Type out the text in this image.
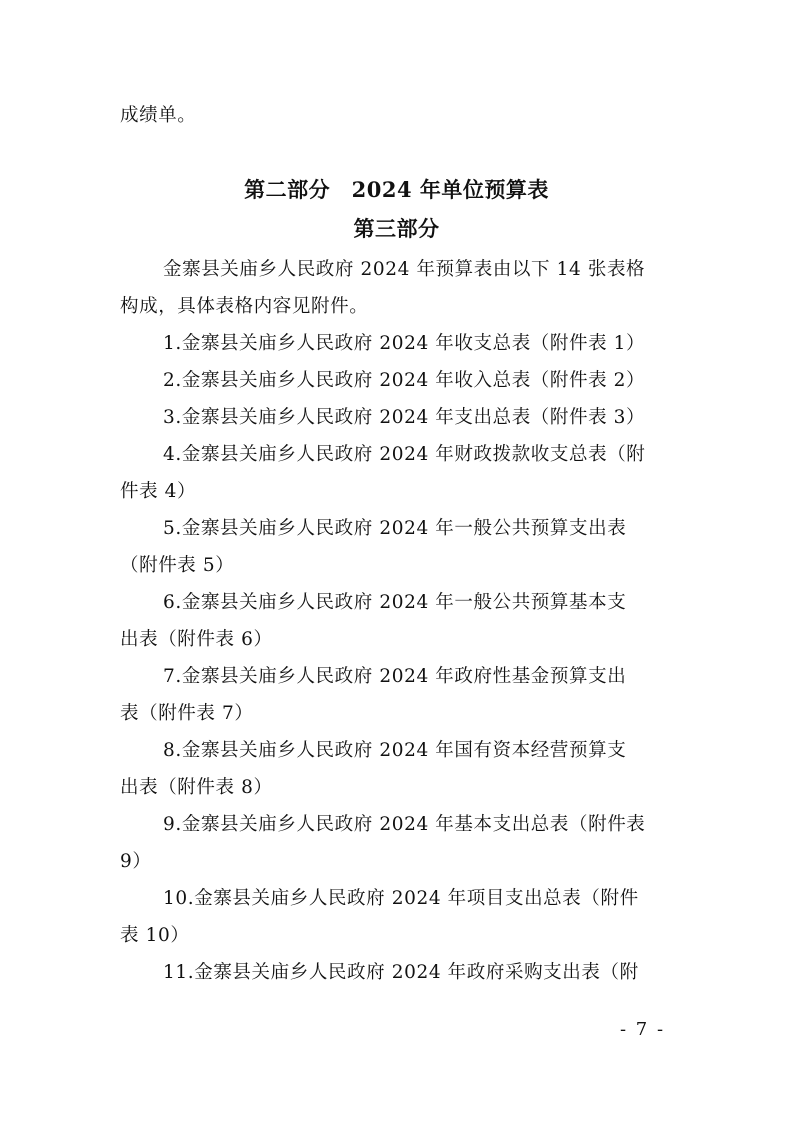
成绩单。
第二部分　2024 年单位预算表
第三部分
金寨县关庙乡人民政府 2024 年预算表由以下 14 张表格
构成，具体表格内容见附件。
1.金寨县关庙乡人民政府 2024 年收支总表（附件表 1）
2.金寨县关庙乡人民政府 2024 年收入总表（附件表 2）
3.金寨县关庙乡人民政府 2024 年支出总表（附件表 3）
4.金寨县关庙乡人民政府 2024 年财政拨款收支总表（附
件表 4）
5.金寨县关庙乡人民政府 2024 年一般公共预算支出表
（附件表 5）
6.金寨县关庙乡人民政府 2024 年一般公共预算基本支
出表（附件表 6）
7.金寨县关庙乡人民政府 2024 年政府性基金预算支出
表（附件表 7）
8.金寨县关庙乡人民政府 2024 年国有资本经营预算支
出表（附件表 8）
9.金寨县关庙乡人民政府 2024 年基本支出总表（附件表
9）
10.金寨县关庙乡人民政府 2024 年项目支出总表（附件
表 10）
11.金寨县关庙乡人民政府 2024 年政府采购支出表（附
- 7 -
